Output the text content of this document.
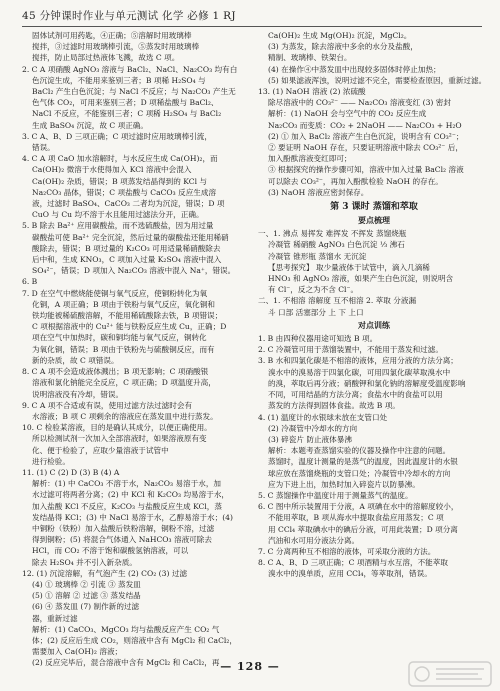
45 分钟课时作业与单元测试 化学 必修 1 RJ
固体试剂可用药匙，④正确；⑤溶解时用玻璃棒
搅拌，③过滤时用玻璃棒引流，⑤蒸发时用玻璃棒
搅拌，防止局部过热液体飞溅，故选 C 项。
2. C A 项硝酸 AgNO₃ 溶液与 BaCl₂、NaCl、Na₂CO₃ 均有白
色沉淀生成，不能用来鉴别三者；B 项稀 H₂SO₄ 与
BaCl₂ 产生白色沉淀；与 NaCl 不反应；与 Na₂CO₃ 产生无
色气体 CO₂，可用来鉴别三者；D 项稀盐酸与 BaCl₂、
NaCl 不反应，不能鉴别三者；C 项稀 H₂SO₄ 与 BaCl₂
生成 BaSO₄ 沉淀，故 C 项正确。
3. C A、B、D 三项正确；C 项过滤时应用玻璃棒引流，
错误。
4. C A 项 CaO 加水溶解时，与水反应生成 Ca(OH)₂，而
Ca(OH)₂ 微溶于水使得加入 KCl 溶液中会混入
Ca(OH)₂ 杂质，错误；B 项蒸发结晶得到的 KCl 与
Na₂CO₃ 晶体，错误；C 项盐酸与 CaCO₃ 反应生成溶
液，过滤时 BaSO₄、CaCO₃ 二者均为沉淀，错误；D 项
CuO 与 Cu 均不溶于水且能用过滤法分开，正确。
5. B 除去 Ba²⁺ 应用碳酸盐，而不选硫酸盐，因为用过量
碳酸盐可使 Ba²⁺ 完全沉淀，然后过量的碳酸盐还能用稀硝
酸除去，错误；B 项过量的 K₂CO₃ 可用适量稀硝酸除去
后中和，生成 KNO₃，C 项加入过量 K₂SO₄ 溶液中混入
SO₄²⁻，错误；D 项加入 Na₂CO₃ 溶液中混入 Na⁺，错误。
6. B
7. D 在空气中燃烧能使铜与氧气反应，使铜粉转化为氧
化铜，A 项正确；B 项由于铁粉与氧气反应，氧化铜和
铁均能被稀硫酸溶解，不能用稀硫酸除去铁，B 项错误；
C 项根据溶液中的 Cu²⁺ 能与铁粉反应生成 Cu，正确；D
项在空气中加热时，碳和铜均能与氧气反应，铜转化
为氧化铜，错误；B 项由于铁粉先与硫酸铜反应，而有
新的杂质，故 C 项错误。
8. C A 项不会造成液体溅出；B 项无影响；C 项硝酸银
溶液和氯化钠能完全反应，C 项正确；D 项温度升高，
说明溶液没有冷却，错误。
9. C A 项不合适或有误，使用过滤方法过滤时会有
水溶液；B 项 C 项剩余的溶液应在蒸发皿中进行蒸发。
10. C 检验某溶液，目的是确认其成分，以便正确使用。
所以检测试剂一次加入全部溶液时，如果溶液原有变
化、便于检验了，应取少量溶液于试管中
进行检验。
11. (1) C (2) D (3) B (4) A
解析：(1) 中 CaCO₃ 不溶于水，Na₂CO₃ 易溶于水，加
水过滤可将两者分离；(2) 中 KCl 和 K₂CO₃ 均易溶于水，
加入盐酸 KCl 不反应，K₂CO₃ 与盐酸反应生成 KCl，蒸
发结晶得 KCl；(3) 中 NaCl 易溶于水，乙醇易溶于水；(4)
中铜粉（铁粉）加入盐酸后铁粉溶解，铜粉不溶，过滤
得到铜粉；(5) 将混合气体通入 NaHCO₃ 溶液可除去
HCl，而 CO₂ 不溶于饱和碳酸氢钠溶液，可以
除去 H₂SO₄ 并不引入新杂质。
12. (1) 沉淀溶解，有气泡产生 (2) CO₂ (3) 过滤
(4) ① 玻璃棒 ② 引流 ③ 蒸发皿
(5) ① 溶解 ② 过滤 ③ 蒸发结晶
(6) ④ 蒸发皿 (7) 制作新的过滤
器，重新过滤
解析：(1) CaCO₃、MgCO₃ 均与盐酸反应产生 CO₂ 气
体；(2) 反应后生成 CO₂，则溶液中含有 MgCl₂ 和 CaCl₂，
需要加入 Ca(OH)₂ 溶液；
(2) 反应完毕后，混合溶液中含有 MgCl₂ 和 CaCl₂，再
Ca(OH)₂ 生成 Mg(OH)₂ 沉淀，MgCl₂。
(3) 为蒸发，除去溶液中多余的水分及盐酸，
精制、玻璃棒、铁架台。
(4) 在操作④中蒸发皿中出现较多固体时停止加热；
(5) 如果滤液浑浊，说明过滤不完全，需要检查原因，重新过滤。
13. (1) NaOH 溶液 (2) 浓硫酸
除尽溶液中的 CO₃²⁻ —— Na₂CO₃ 溶液变红 (3) 密封
解析：(1) NaOH 会与空气中的 CO₂ 反应生成
Na₂CO₃ 而变质：CO₂ + 2NaOH —— Na₂CO₃ + H₂O
(2) ① 加入 BaCl₂ 溶液产生白色沉淀，说明含有 CO₃²⁻；
② 要证明 NaOH 存在，只要证明溶液中除去 CO₃²⁻ 后，
加入酚酞溶液变红即可；
③ 根据探究的操作步骤可知，溶液中加入过量 BaCl₂ 溶液
可以除去 CO₃²⁻，再加入酚酞检验 NaOH 的存在。
(3) NaOH 溶液应密封保存。
第 3 课时 蒸馏和萃取
要点梳理
一、1. 沸点 易挥发 难挥发 不挥发 蒸馏烧瓶
冷凝管 稀硝酸 AgNO₃ 白色沉淀 ⅓ 沸石
冷凝管 锥形瓶 蒸馏水 无沉淀
【思考探究】 取少量液体于试管中，滴入几滴稀
HNO₃ 和 AgNO₃ 溶液，如果产生白色沉淀，则说明含
有 Cl⁻，反之为不含 Cl⁻。
二、1. 不相溶 溶解度 互不相溶 2. 萃取 分液漏
斗 口部 活塞部分 上 下 上口
对点训练
1. B 由四种仪器用途可知选 B 项。
2. C 冷凝管可用于蒸馏装置中，不能用于蒸发和过滤。
3. B 水和四氯化碳是不相溶的液体，应用分液的方法分离；
溴水中的溴易溶于四氯化碳，可用四氯化碳萃取溴水中
的溴，萃取后再分液；硝酸钾和氯化钠的溶解度受温度影响
不同，可用结晶的方法分离；食盐水中的食盐可以用
蒸发的方法得到固体食盐。故选 B 项。
4. (1) 温度计的水银球未放在支管口处
(2) 冷凝管中冷却水的方向
(3) 碎瓷片 防止液体暴沸
解析：本题考查蒸馏实验的仪器及操作中注意的问题。
蒸馏时，温度计测量的是蒸气的温度，因此温度计的水银
球应放在蒸馏烧瓶的支管口处；冷凝管中冷却水的方向
应为下进上出，加热时加入碎瓷片以防暴沸。
5. C 蒸馏操作中温度计用于测量蒸气的温度。
6. C 图中所示装置用于分液，A 项碘在水中的溶解度较小，
不能用萃取，B 项从海水中提取食盐应用蒸发；C 项
用 CCl₄ 萃取碘水中的碘后分液，可用此装置；D 项分离
汽油和水可用分液法分离。
7. C 分离两种互不相溶的液体，可采取分液的方法。
8. C A、B、D 三项正确；C 项酒精与水互溶，不能萃取
溴水中的溴单质，应用 CCl₄，等萃取剂，错误。
— 128 —
